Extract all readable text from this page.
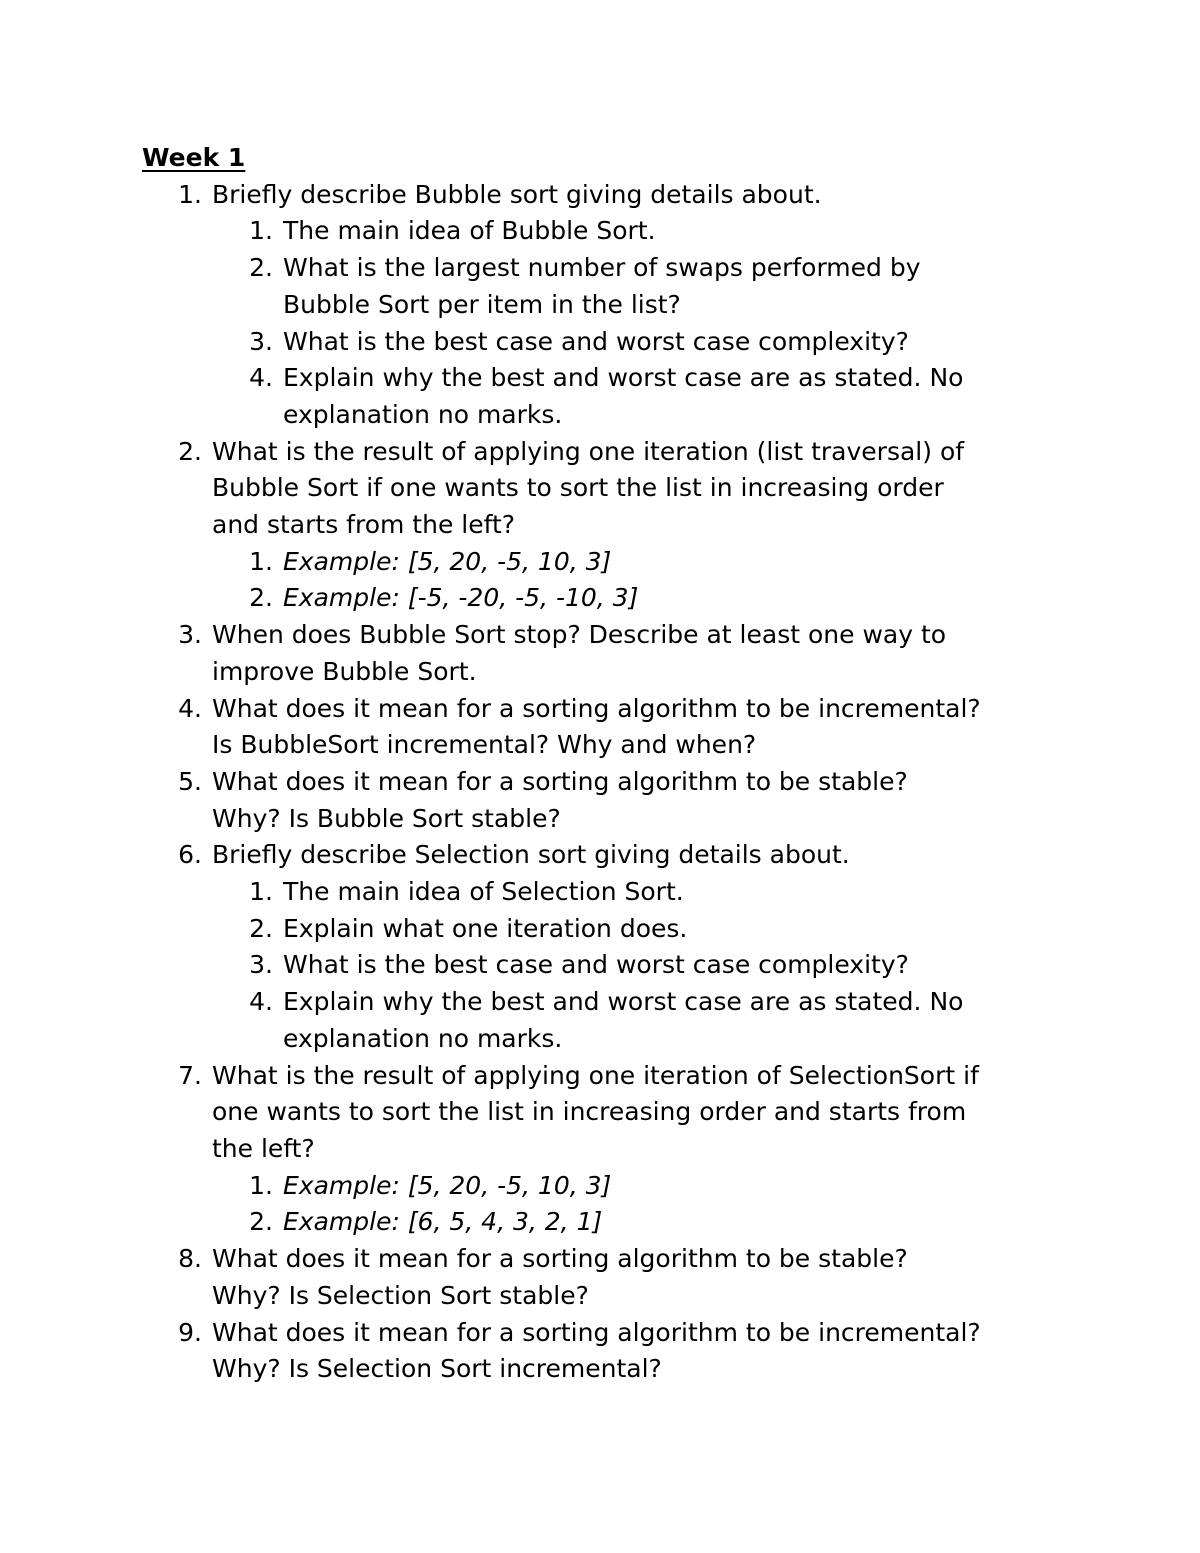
Week 1
1. Briefly describe Bubble sort giving details about.
1. The main idea of Bubble Sort.
2. What is the largest number of swaps performed by
Bubble Sort per item in the list?
3. What is the best case and worst case complexity?
4. Explain why the best and worst case are as stated. No
explanation no marks.
2. What is the result of applying one iteration (list traversal) of
Bubble Sort if one wants to sort the list in increasing order
and starts from the left?
1. Example: [5, 20, -5, 10, 3]
2. Example: [-5, -20, -5, -10, 3]
3. When does Bubble Sort stop? Describe at least one way to
improve Bubble Sort.
4. What does it mean for a sorting algorithm to be incremental?
Is BubbleSort incremental? Why and when?
5. What does it mean for a sorting algorithm to be stable?
Why? Is Bubble Sort stable?
6. Briefly describe Selection sort giving details about.
1. The main idea of Selection Sort.
2. Explain what one iteration does.
3. What is the best case and worst case complexity?
4. Explain why the best and worst case are as stated. No
explanation no marks.
7. What is the result of applying one iteration of SelectionSort if
one wants to sort the list in increasing order and starts from
the left?
1. Example: [5, 20, -5, 10, 3]
2. Example: [6, 5, 4, 3, 2, 1]
8. What does it mean for a sorting algorithm to be stable?
Why? Is Selection Sort stable?
9. What does it mean for a sorting algorithm to be incremental?
Why? Is Selection Sort incremental?
